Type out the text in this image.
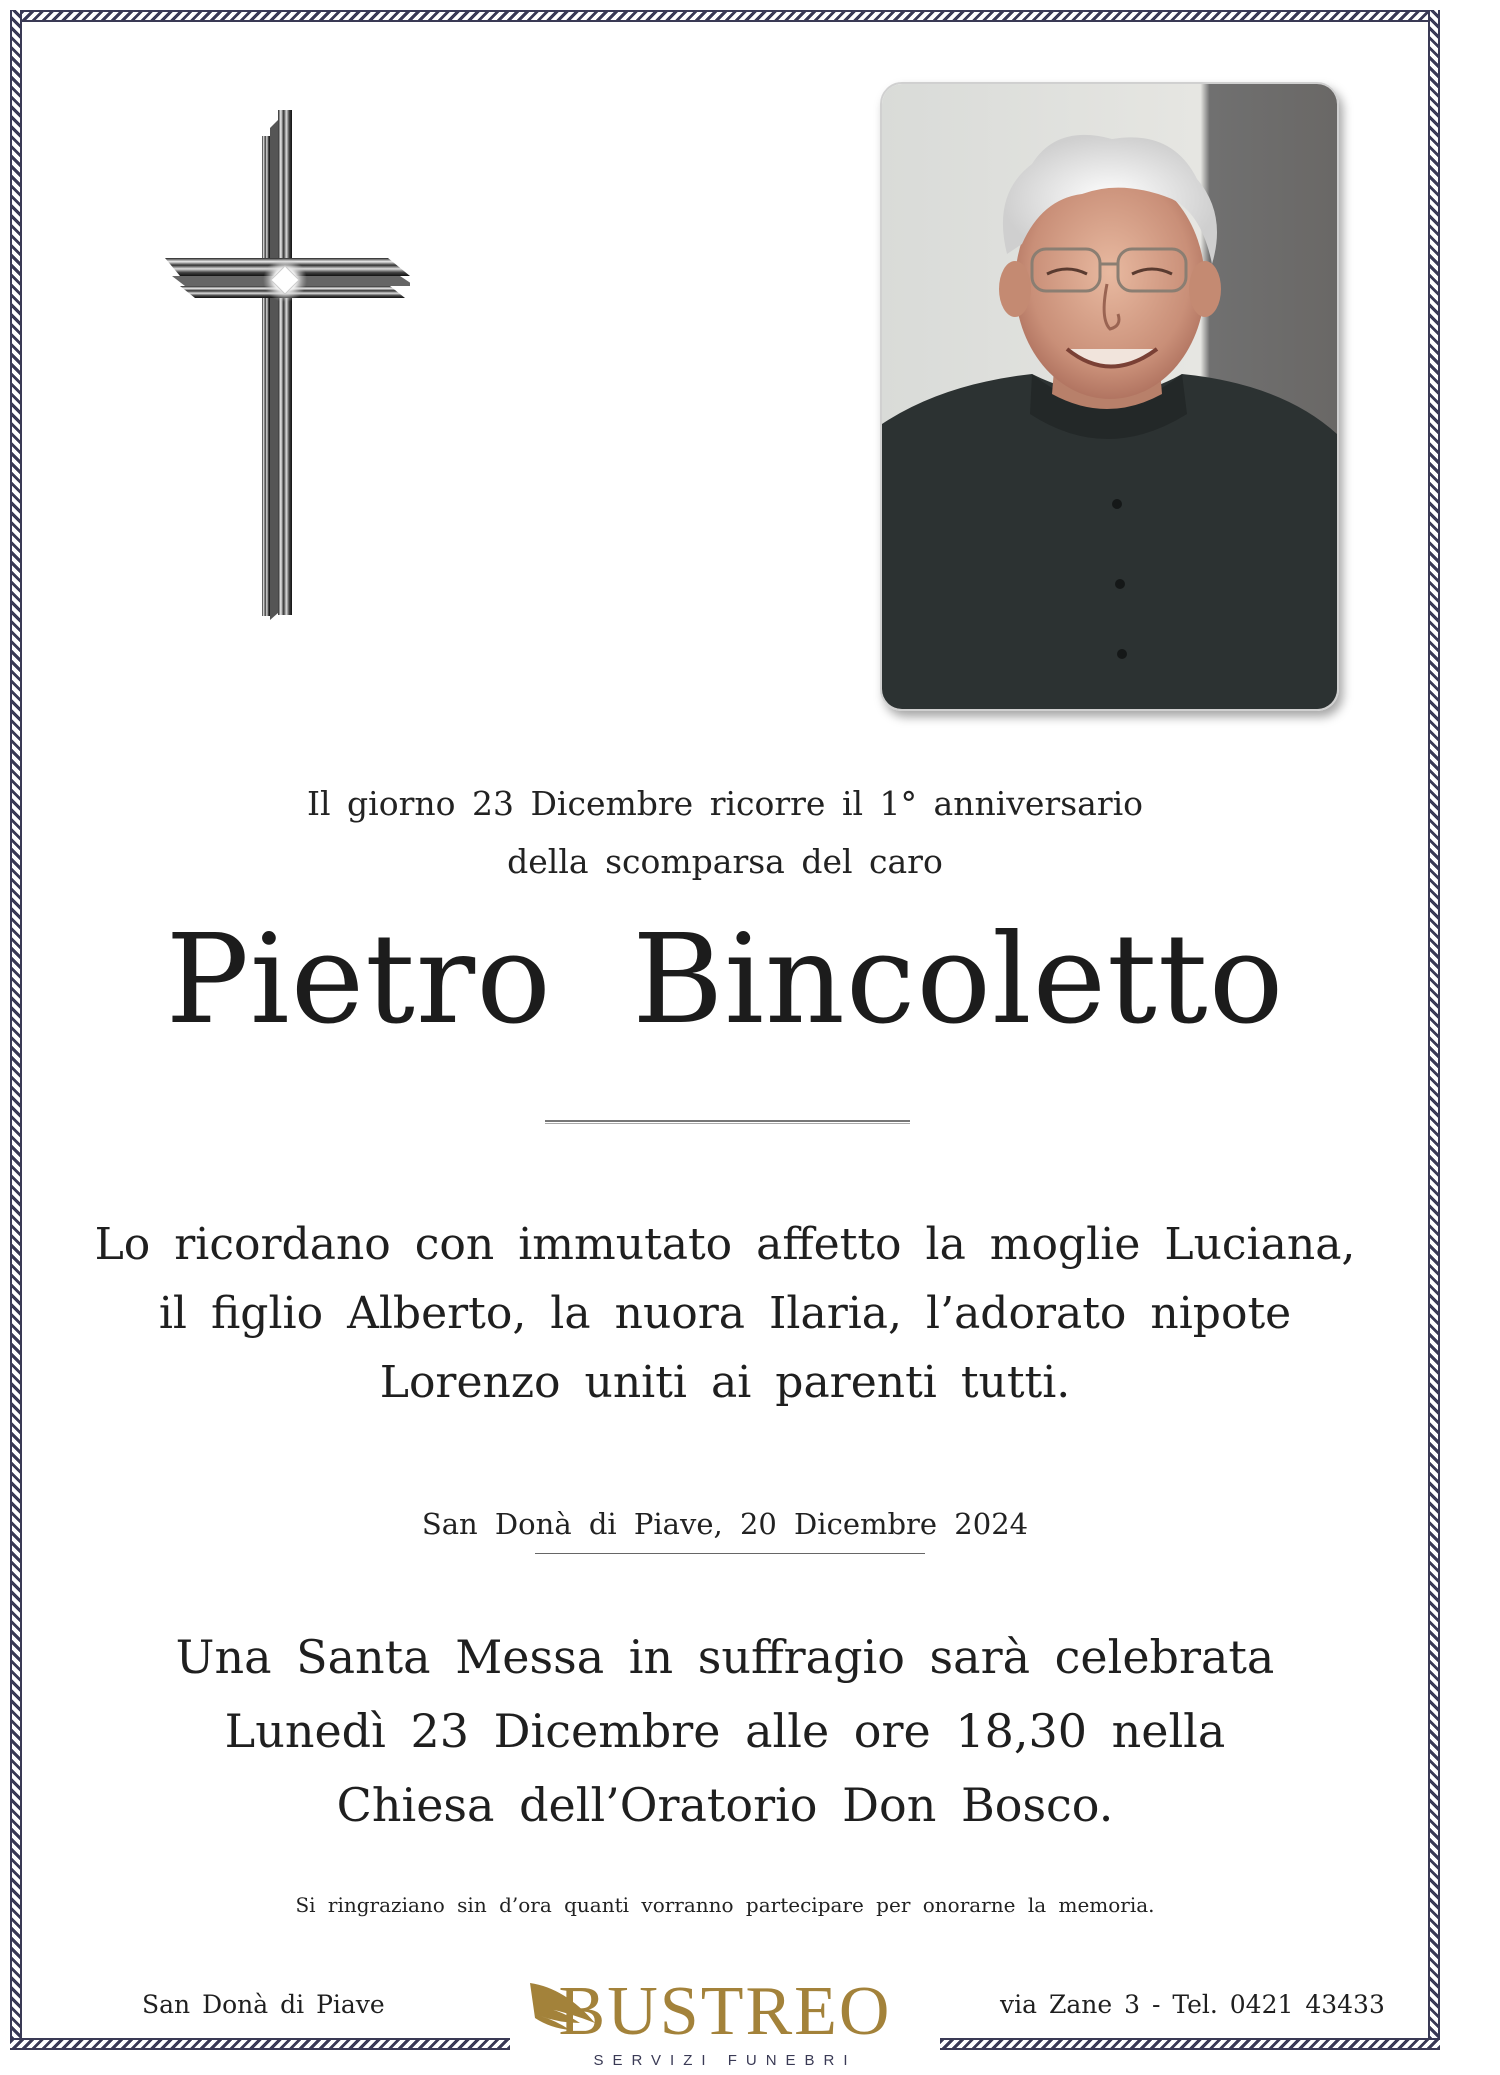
Il giorno 23 Dicembre ricorre il 1° anniversario
della scomparsa del caro
Pietro Bincoletto
Lo ricordano con immutato affetto la moglie Luciana,
il figlio Alberto, la nuora Ilaria, l’adorato nipote
Lorenzo uniti ai parenti tutti.
San Donà di Piave, 20 Dicembre 2024
Una Santa Messa in suffragio sarà celebrata
Lunedì 23 Dicembre alle ore 18,30 nella
Chiesa dell’Oratorio Don Bosco.
Si ringraziano sin d’ora quanti vorranno partecipare per onorarne la memoria.
San Donà di Piave	BUSTREO
SERVIZI FUNEBRI
via Zane 3 - Tel. 0421 43433
